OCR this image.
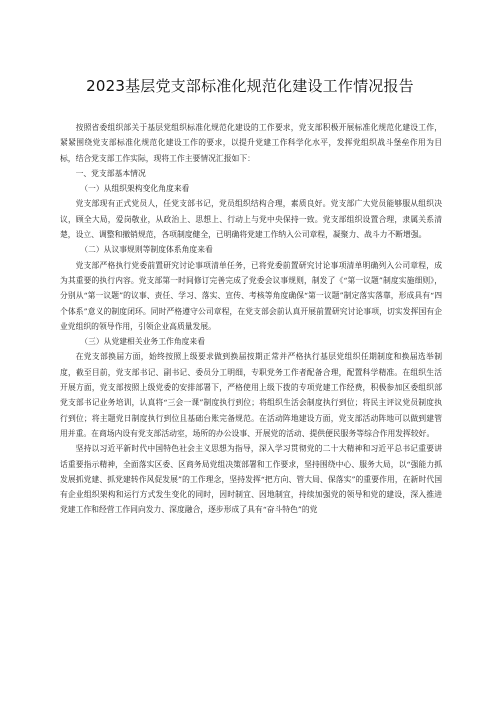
2023基层党支部标准化规范化建设工作情况报告

按照省委组织部关于基层党组织标准化规范化建设的工作要求，党支部积极开展标准化规范化建设工作，紧紧围绕党支部标准化规范化建设工作的要求，以提升党建工作科学化水平，发挥党组织战斗堡垒作用为目标，结合党支部工作实际，现将工作主要情况汇报如下：

一、党支部基本情况

（一）从组织架构变化角度来看

党支部现有正式党员人，任党支部书记，党员组织结构合理，素质良好。党支部广大党员能够服从组织决议，顾全大局，爱岗敬业，从政治上、思想上、行动上与党中央保持一致。党支部组织设置合理，隶属关系清楚，设立、调整和撤销规范，各项制度健全，已明确将党建工作纳入公司章程，凝聚力、战斗力不断增强。

（二）从议事规则等制度体系角度来看

党支部严格执行党委前置研究讨论事项清单任务，已将党委前置研究讨论事项清单明确列入公司章程，成为其重要的执行内容。党支部第一时间修订完善完成了党委会议事规则，制发了《“第一议题”制度实施细则》，分别从“第一议题”的议事、责任、学习、落实、宣传、考核等角度确保“第一议题”制定落实落靠，形成具有“四个体系”意义的制度闭环。同时严格遵守公司章程，在党支部会前认真开展前置研究讨论事项，切实发挥国有企业党组织的领导作用，引领企业高质量发展。

（三）从党建相关业务工作角度来看

在党支部换届方面，始终按照上级要求做到换届按期正常并严格执行基层党组织任期制度和换届选举制度，截至目前，党支部书记、副书记、委员分工明细，专职党务工作者配备合理，配置科学精准。在组织生活开展方面，党支部按照上级党委的安排部署下，严格使用上级下拨的专项党建工作经费，积极参加区委组织部党支部书记业务培训，认真将“三会一课”制度执行到位；将组织生活会制度执行到位；将民主评议党员制度执行到位；将主题党日制度执行到位且基础台账完备规范。在活动阵地建设方面，党支部活动阵地可以做到建管用并重。在商场内设有党支部活动室，场所的办公设事、开展党的活动、提供便民服务等综合作用发挥较好。

坚持以习近平新时代中国特色社会主义思想为指导，深入学习贯彻党的二十大精神和习近平总书记重要讲话重要指示精神，全面落实区委、区商务局党组决策部署和工作要求，坚持围绕中心、服务大局，以“强能力抓发展抓党建、抓党建转作风促发展”的工作理念，坚持发挥“把方向、管大局、保落实”的重要作用，在新时代国有企业组织架构和运行方式发生变化的同时，因时制宜、因地制宜，持续加强党的领导和党的建设，深入推进党建工作和经营工作同向发力、深度融合，逐步形成了具有“奋斗特色”的党
